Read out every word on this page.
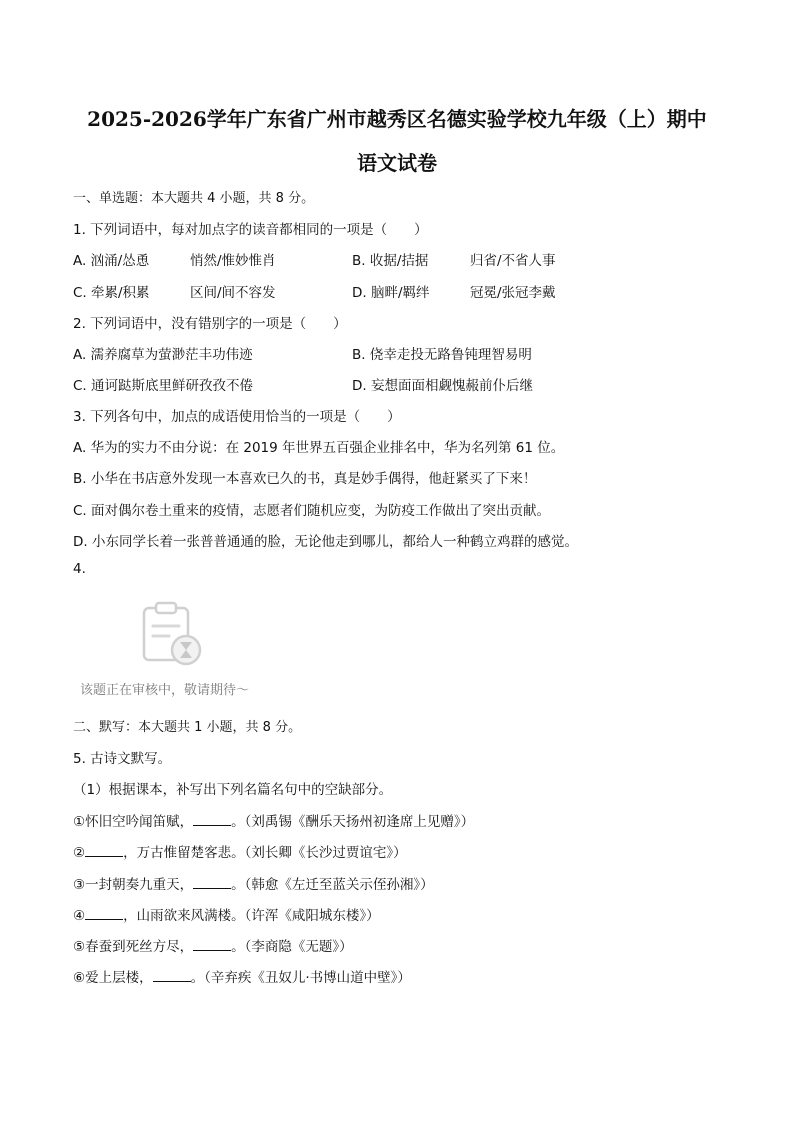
2025-2026学年广东省广州市越秀区名德实验学校九年级（上）期中
语文试卷
一、单选题：本大题共 4 小题，共 8 分。
1. 下列词语中，每对加点字的读音都相同的一项是（　　）
A. 汹涌/怂恿	悄然/惟妙惟肖	B. 收据/拮据	归省/不省人事
C. 牵累/积累	区间/间不容发	D. 脑畔/羁绊	冠冕/张冠李戴
2. 下列词语中，没有错别字的一项是（　　）
A. 濡养腐草为萤渺茫丰功伟迹	B. 侥幸走投无路鲁钝理智易明
C. 通诃跶斯底里鲜研孜孜不倦	D. 妄想面面相觑愧赧前仆后继
3. 下列各句中，加点的成语使用恰当的一项是（　　）
A. 华为的实力不由分说：在 2019 年世界五百强企业排名中，华为名列第 61 位。
B. 小华在书店意外发现一本喜欢已久的书，真是妙手偶得，他赶紧买了下来！
C. 面对偶尔卷土重来的疫情，志愿者们随机应变，为防疫工作做出了突出贡献。
D. 小东同学长着一张普普通通的脸，无论他走到哪儿，都给人一种鹤立鸡群的感觉。
4.
该题正在审核中，敬请期待～
二、默写：本大题共 1 小题，共 8 分。
5. 古诗文默写。
（1）根据课本，补写出下列名篇名句中的空缺部分。
①怀旧空吟闻笛赋，	。（刘禹锡《酬乐天扬州初逢席上见赠》）
②	，万古惟留楚客悲。（刘长卿《长沙过贾谊宅》）
③一封朝奏九重天，	。（韩愈《左迁至蓝关示侄孙湘》）
④	，山雨欲来风满楼。（许浑《咸阳城东楼》）
⑤春蚕到死丝方尽，	。（李商隐《无题》）
⑥爱上层楼，	。（辛弃疾《丑奴儿·书博山道中壁》）
